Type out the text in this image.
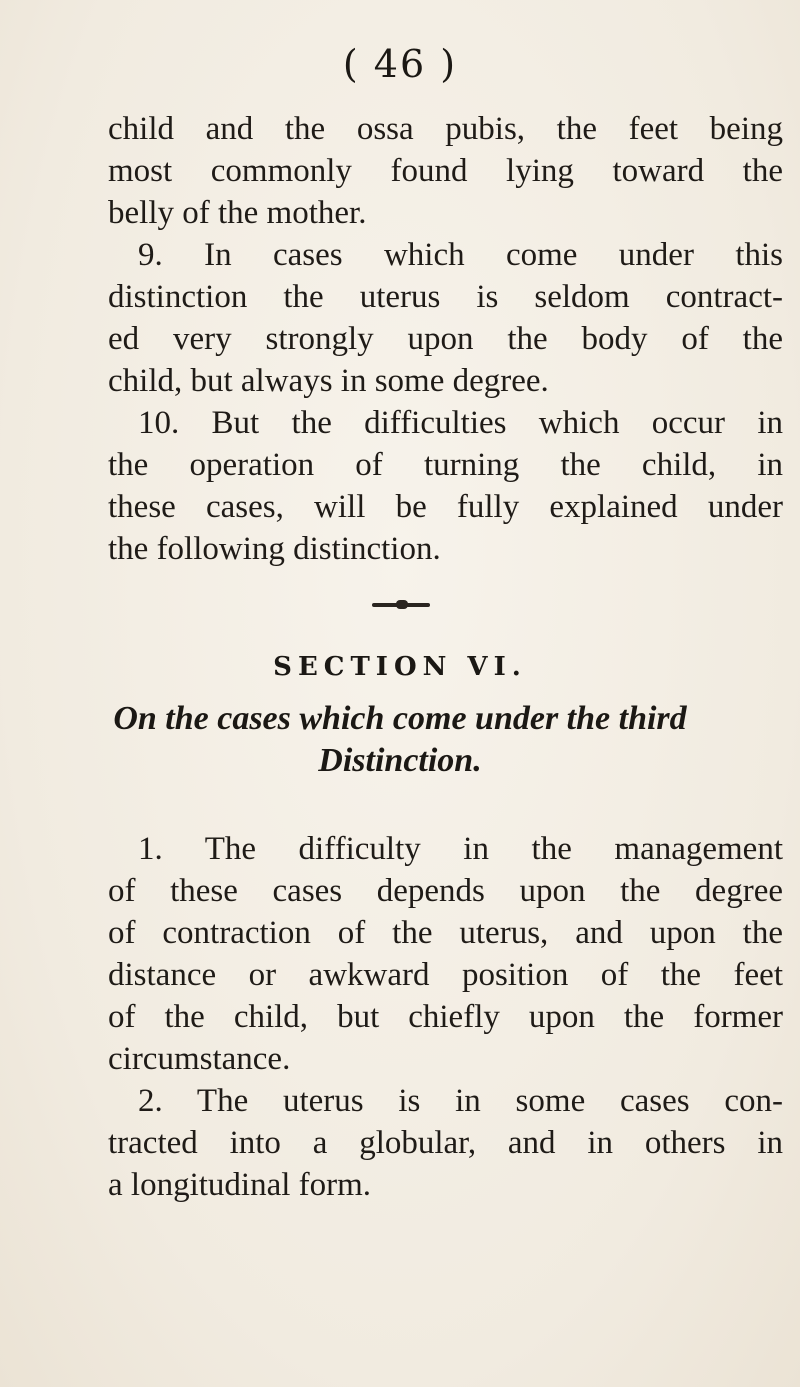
( 46 )
child and the ossa pubis, the feet being
most commonly found lying toward the
belly of the mother.
9. In cases which come under this
distinction the uterus is seldom contract-
ed very strongly upon the body of the
child, but always in some degree.
10. But the difficulties which occur in
the operation of turning the child, in
these cases, will be fully explained under
the following distinction.
SECTION VI.
On the cases which come under the third
Distinction.
1. The difficulty in the management
of these cases depends upon the degree
of contraction of the uterus, and upon the
distance or awkward position of the feet
of the child, but chiefly upon the former
circumstance.
2. The uterus is in some cases con-
tracted into a globular, and in others in
a longitudinal form.
